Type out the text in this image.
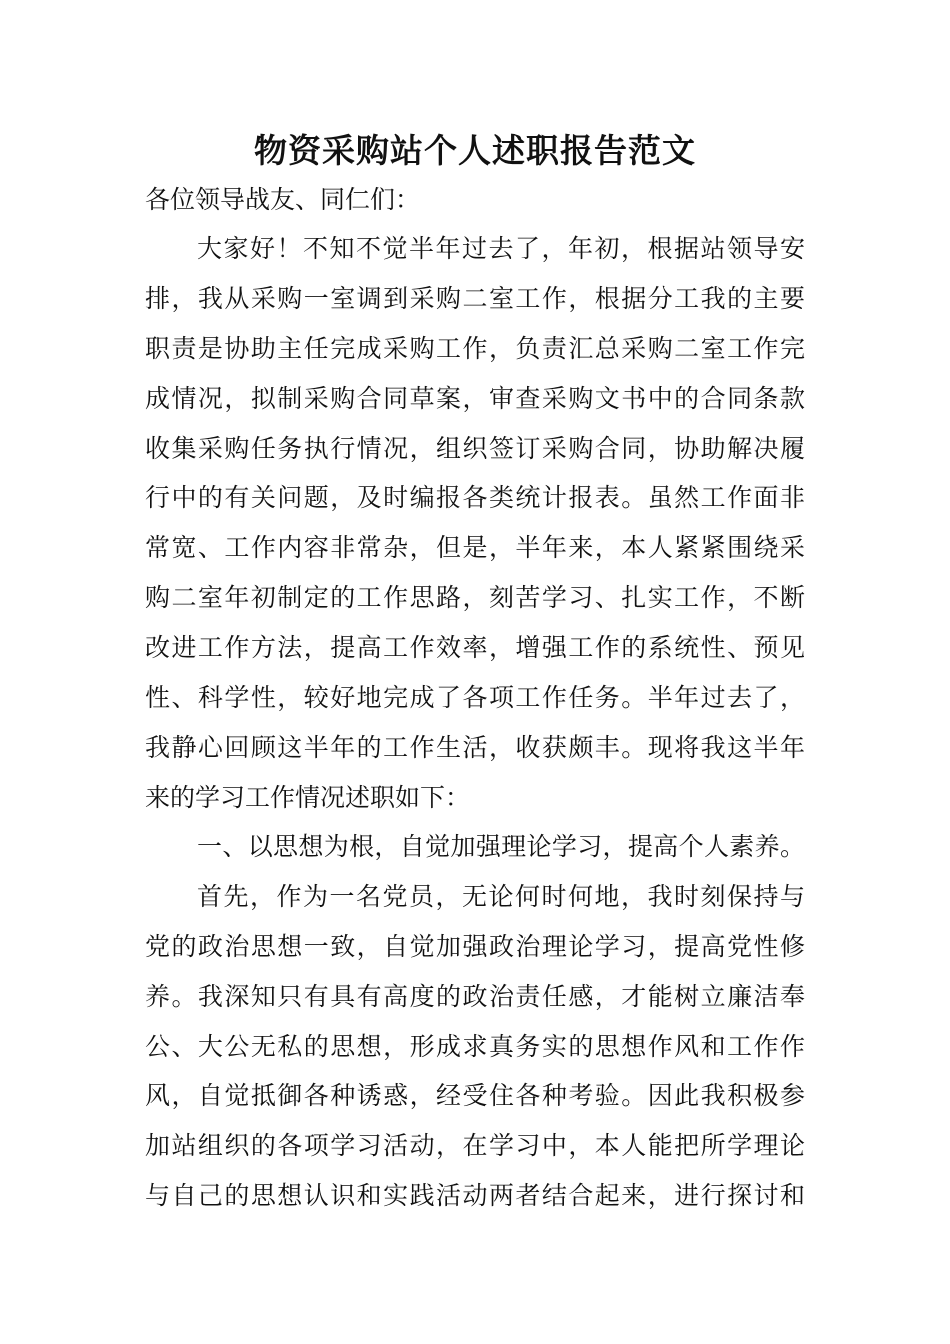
物资采购站个人述职报告范文

各位领导战友、同仁们：

大家好！不知不觉半年过去了，年初，根据站领导安

排，我从采购一室调到采购二室工作，根据分工我的主要

职责是协助主任完成采购工作，负责汇总采购二室工作完

成情况，拟制采购合同草案，审查采购文书中的合同条款

收集采购任务执行情况，组织签订采购合同，协助解决履

行中的有关问题，及时编报各类统计报表。虽然工作面非

常宽、工作内容非常杂，但是，半年来，本人紧紧围绕采

购二室年初制定的工作思路，刻苦学习、扎实工作，不断

改进工作方法，提高工作效率，增强工作的系统性、预见

性、科学性，较好地完成了各项工作任务。半年过去了，

我静心回顾这半年的工作生活，收获颇丰。现将我这半年

来的学习工作情况述职如下：

一、以思想为根，自觉加强理论学习，提高个人素养。

首先，作为一名党员，无论何时何地，我时刻保持与

党的政治思想一致，自觉加强政治理论学习，提高党性修

养。我深知只有具有高度的政治责任感，才能树立廉洁奉

公、大公无私的思想，形成求真务实的思想作风和工作作

风，自觉抵御各种诱惑，经受住各种考验。因此我积极参

加站组织的各项学习活动，在学习中，本人能把所学理论

与自己的思想认识和实践活动两者结合起来，进行探讨和
